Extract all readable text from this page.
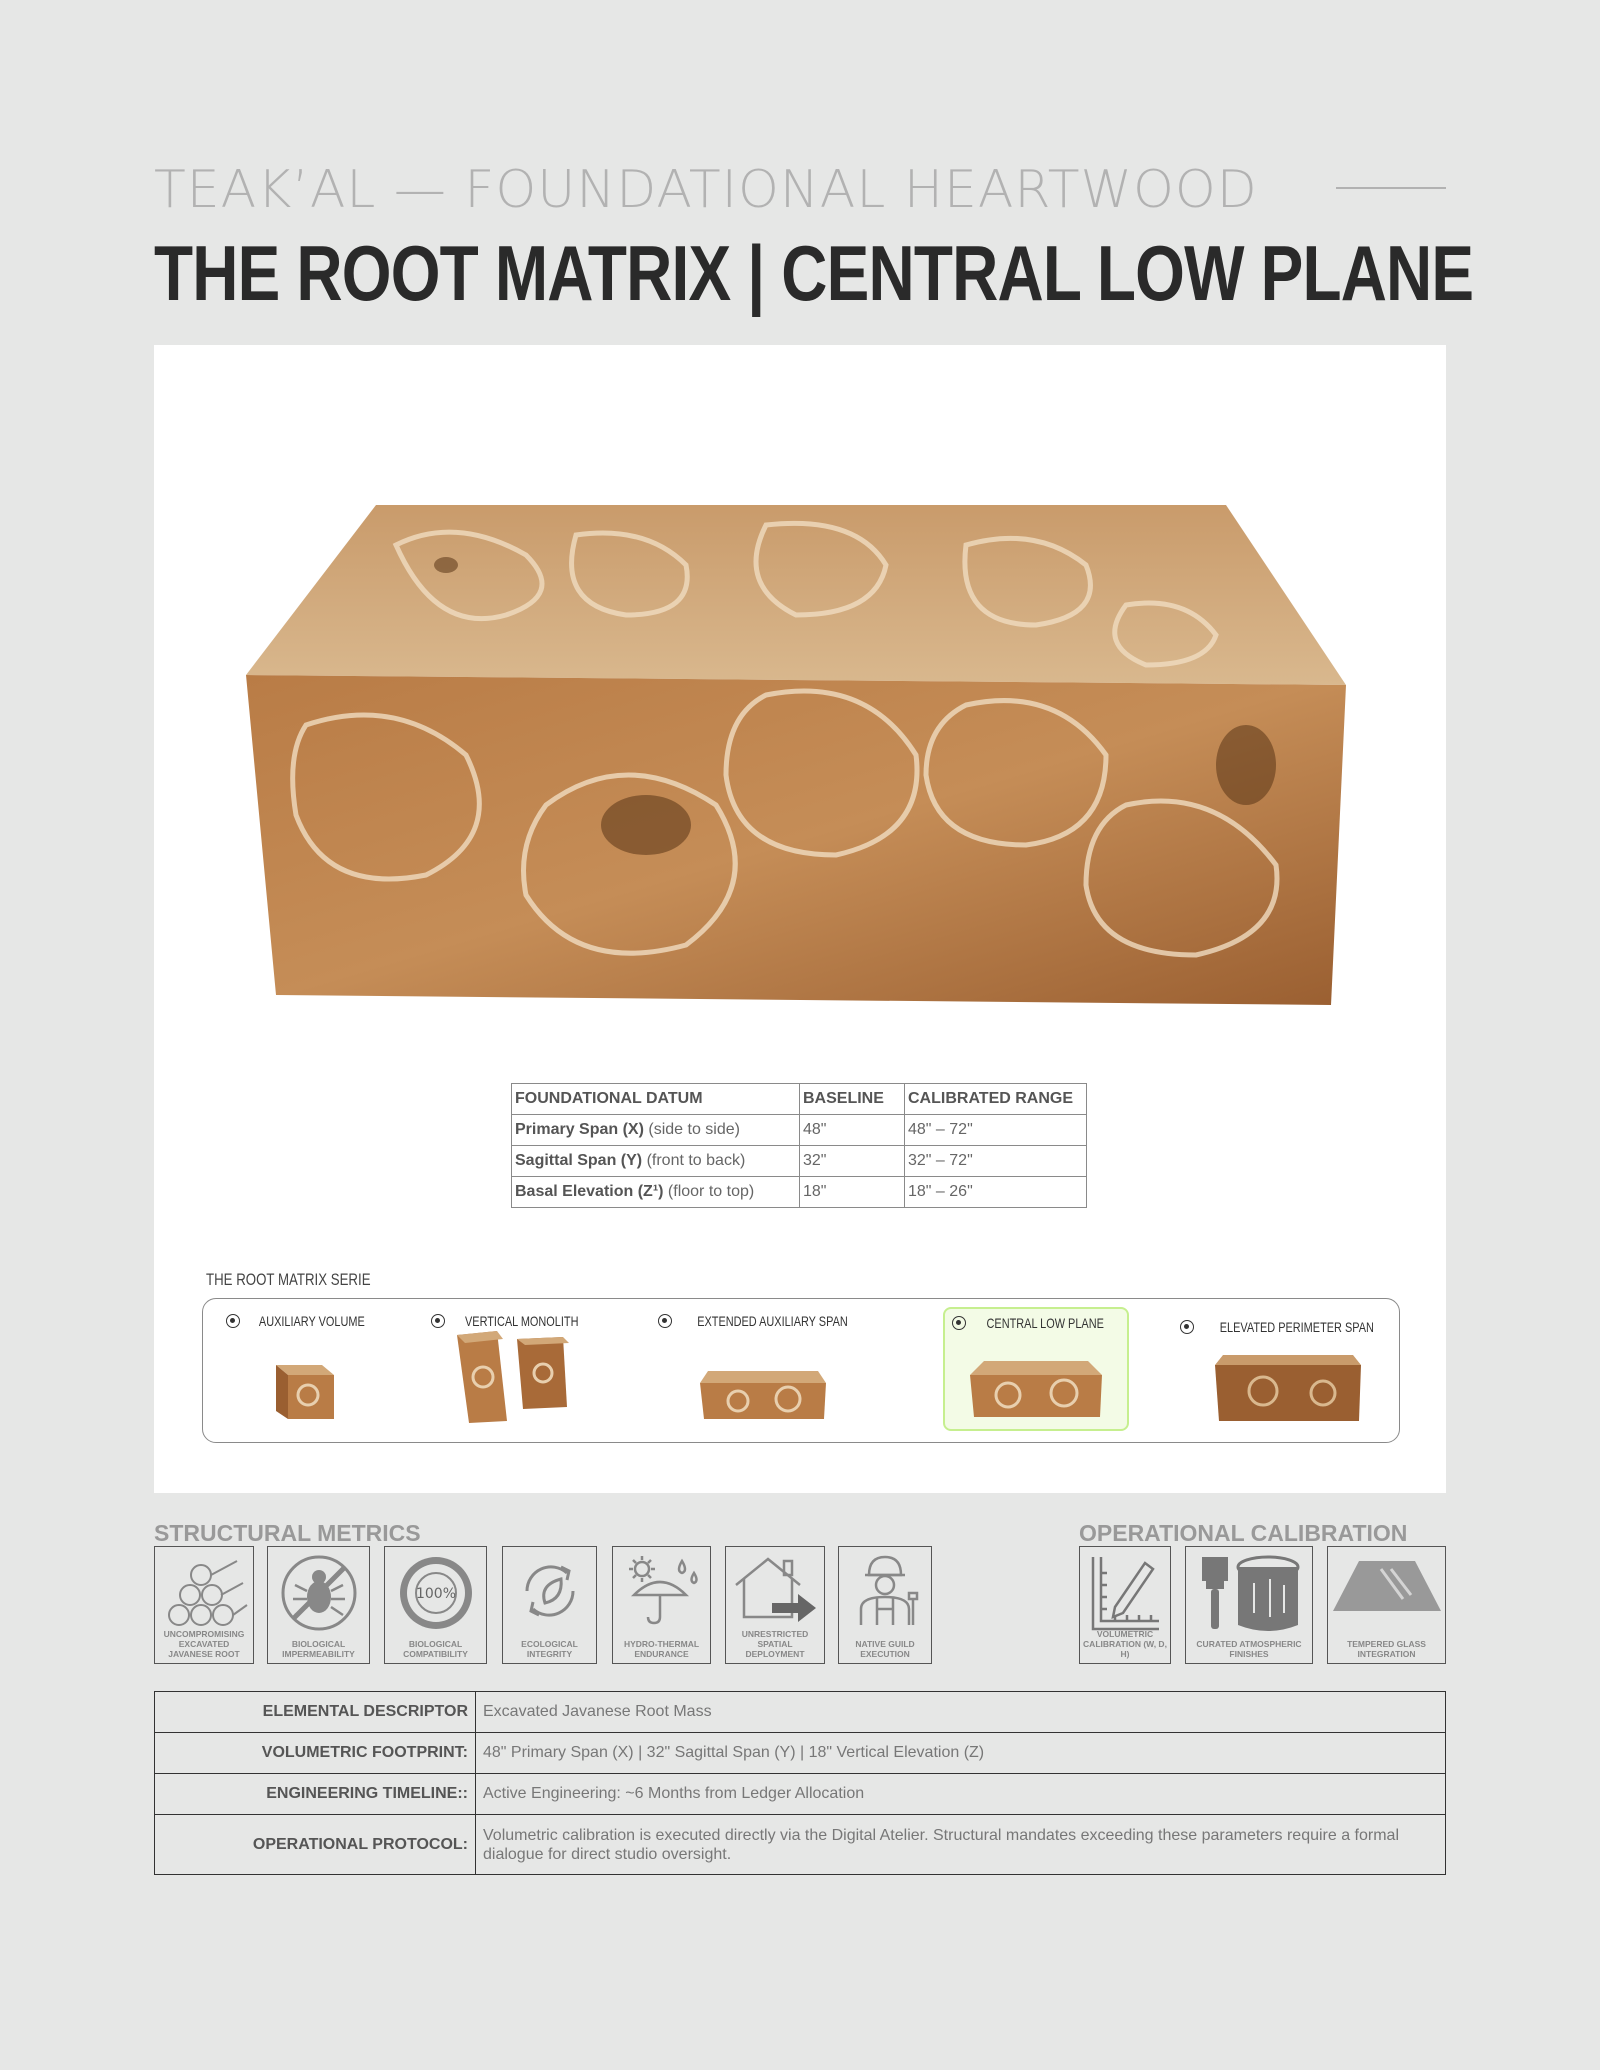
TEAK’AL — FOUNDATIONAL HEARTWOOD
THE ROOT MATRIX | CENTRAL LOW PLANE
FOUNDATIONAL DATUM	BASELINE	CALIBRATED RANGE
Primary Span (X) (side to side)	48"	48" – 72"
Sagittal Span (Y) (front to back)	32"	32" – 72"
Basal Elevation (Z¹) (floor to top)	18"	18" – 26"
THE ROOT MATRIX SERIE
AUXILIARY VOLUME	VERTICAL MONOLITH	EXTENDED AUXILIARY SPAN	CENTRAL LOW PLANE	ELEVATED PERIMETER SPAN
STRUCTURAL METRICS
UNCOMPROMISING EXCAVATED JAVANESE ROOT
BIOLOGICAL IMPERMEABILITY
100%
BIOLOGICAL COMPATIBILITY
ECOLOGICAL INTEGRITY
HYDRO-THERMAL ENDURANCE
UNRESTRICTED SPATIAL DEPLOYMENT
NATIVE GUILD EXECUTION
OPERATIONAL CALIBRATION
VOLUMETRIC CALIBRATION (W, D, H)
CURATED ATMOSPHERIC FINISHES
TEMPERED GLASS INTEGRATION
ELEMENTAL DESCRIPTOR	Excavated Javanese Root Mass
VOLUMETRIC FOOTPRINT:	48" Primary Span (X) | 32" Sagittal Span (Y) | 18" Vertical Elevation (Z)
ENGINEERING TIMELINE::	Active Engineering: ~6 Months from Ledger Allocation
OPERATIONAL PROTOCOL:	Volumetric calibration is executed directly via the Digital Atelier. Structural mandates exceeding these parameters require a formal dialogue for direct studio oversight.
